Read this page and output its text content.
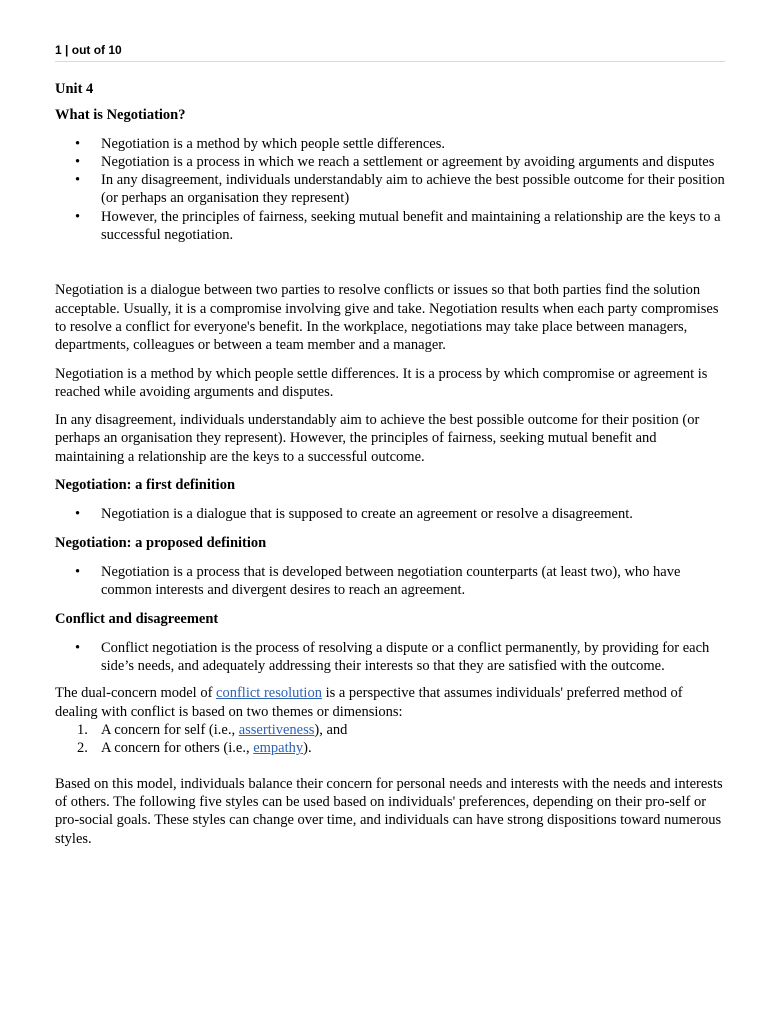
1 | out of 10

Unit 4

What is Negotiation?

• Negotiation is a method by which people settle differences.
• Negotiation is a process in which we reach a settlement or agreement by avoiding arguments and disputes
• In any disagreement, individuals understandably aim to achieve the best possible outcome for their position (or perhaps an organisation they represent)
• However, the principles of fairness, seeking mutual benefit and maintaining a relationship are the keys to a successful negotiation.

Negotiation is a dialogue between two parties to resolve conflicts or issues so that both parties find the solution acceptable. Usually, it is a compromise involving give and take. Negotiation results when each party compromises to resolve a conflict for everyone's benefit. In the workplace, negotiations may take place between managers, departments, colleagues or between a team member and a manager.

Negotiation is a method by which people settle differences. It is a process by which compromise or agreement is reached while avoiding arguments and disputes.

In any disagreement, individuals understandably aim to achieve the best possible outcome for their position (or perhaps an organisation they represent). However, the principles of fairness, seeking mutual benefit and maintaining a relationship are the keys to a successful outcome.

Negotiation: a first definition

• Negotiation is a dialogue that is supposed to create an agreement or resolve a disagreement.

Negotiation: a proposed definition

• Negotiation is a process that is developed between negotiation counterparts (at least two), who have common interests and divergent desires to reach an agreement.

Conflict and disagreement

• Conflict negotiation is the process of resolving a dispute or a conflict permanently, by providing for each side’s needs, and adequately addressing their interests so that they are satisfied with the outcome.

The dual-concern model of conflict resolution is a perspective that assumes individuals' preferred method of dealing with conflict is based on two themes or dimensions:

1. A concern for self (i.e., assertiveness), and
2. A concern for others (i.e., empathy).

Based on this model, individuals balance their concern for personal needs and interests with the needs and interests of others. The following five styles can be used based on individuals' preferences, depending on their pro-self or pro-social goals. These styles can change over time, and individuals can have strong dispositions toward numerous styles.
